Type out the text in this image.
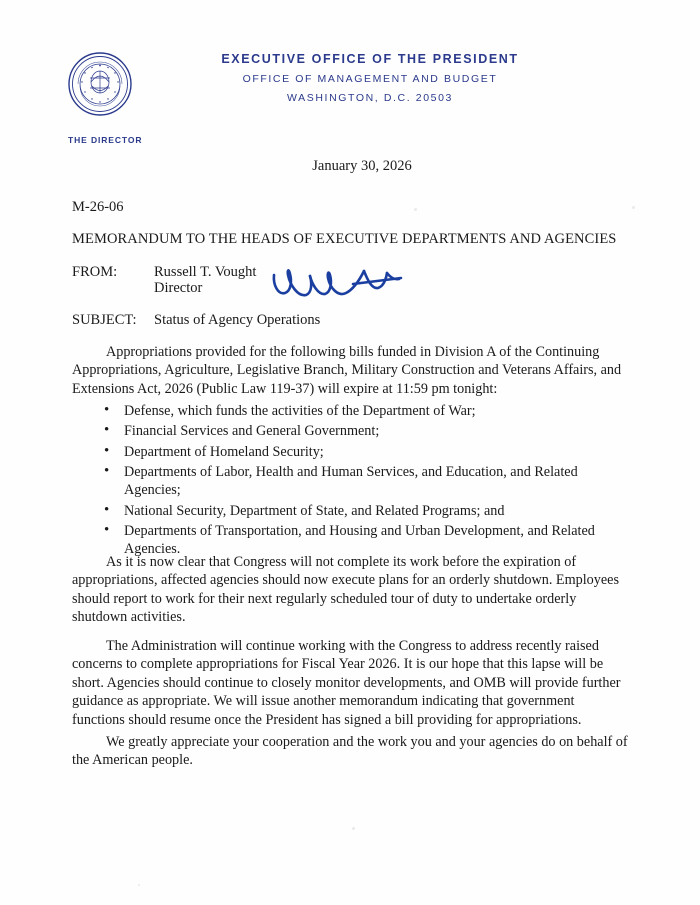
EXECUTIVE OFFICE OF THE PRESIDENT
OFFICE OF MANAGEMENT AND BUDGET
WASHINGTON, D.C. 20503
THE DIRECTOR
January 30, 2026
M-26-06
MEMORANDUM TO THE HEADS OF EXECUTIVE DEPARTMENTS AND AGENCIES
FROM:	Russell T. Vought
Director
SUBJECT: Status of Agency Operations
Appropriations provided for the following bills funded in Division A of the Continuing Appropriations, Agriculture, Legislative Branch, Military Construction and Veterans Affairs, and Extensions Act, 2026 (Public Law 119-37) will expire at 11:59 pm tonight:
• Defense, which funds the activities of the Department of War;
• Financial Services and General Government;
• Department of Homeland Security;
• Departments of Labor, Health and Human Services, and Education, and Related Agencies;
• National Security, Department of State, and Related Programs; and
• Departments of Transportation, and Housing and Urban Development, and Related Agencies.
As it is now clear that Congress will not complete its work before the expiration of appropriations, affected agencies should now execute plans for an orderly shutdown. Employees should report to work for their next regularly scheduled tour of duty to undertake orderly shutdown activities.
The Administration will continue working with the Congress to address recently raised concerns to complete appropriations for Fiscal Year 2026. It is our hope that this lapse will be short. Agencies should continue to closely monitor developments, and OMB will provide further guidance as appropriate. We will issue another memorandum indicating that government functions should resume once the President has signed a bill providing for appropriations.
We greatly appreciate your cooperation and the work you and your agencies do on behalf of the American people.
